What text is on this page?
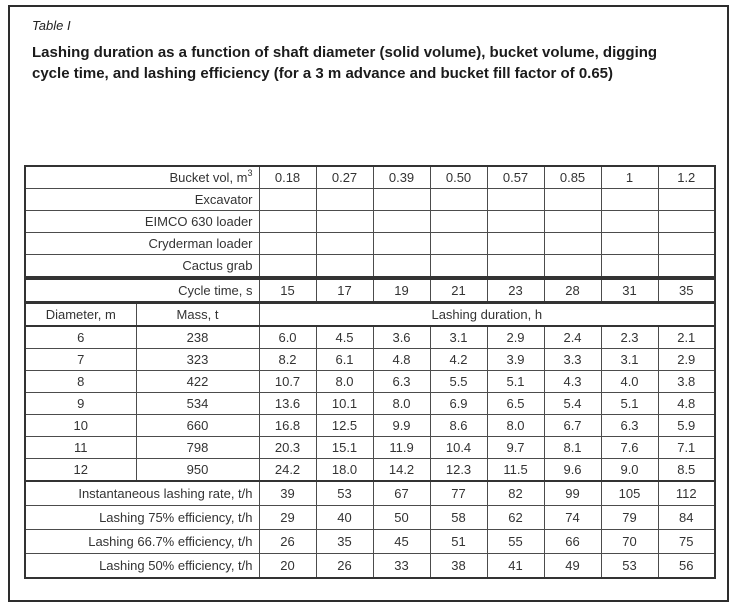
Table I
Lashing duration as a function of shaft diameter (solid volume), bucket volume, digging cycle time, and lashing efficiency (for a 3 m advance and bucket fill factor of 0.65)
Bucket vol, $m^3$		0.18	0.27	0.39	0.50	0.57	0.85	1	1.2
Excavator									
EIMCO 630 loader									
Cryderman loader									
Cactus grab									
Cycle time, s		15	17	19	21	23	28	31	35
Diameter, m	Mass, t	Lashing duration, h							
6	238	6.0	4.5	3.6	3.1	2.9	2.4	2.3	2.1
7	323	8.2	6.1	4.8	4.2	3.9	3.3	3.1	2.9
8	422	10.7	8.0	6.3	5.5	5.1	4.3	4.0	3.8
9	534	13.6	10.1	8.0	6.9	6.5	5.4	5.1	4.8
10	660	16.8	12.5	9.9	8.6	8.0	6.7	6.3	5.9
11	798	20.3	15.1	11.9	10.4	9.7	8.1	7.6	7.1
12	950	24.2	18.0	14.2	12.3	11.5	9.6	9.0	8.5
Instantaneous lashing rate, t/h		39	53	67	77	82	99	105	112
Lashing 75% efficiency, t/h		29	40	50	58	62	74	79	84
Lashing 66.7% efficiency, t/h		26	35	45	51	55	66	70	75
Lashing 50% efficiency, t/h		20	26	33	38	41	49	53	56
